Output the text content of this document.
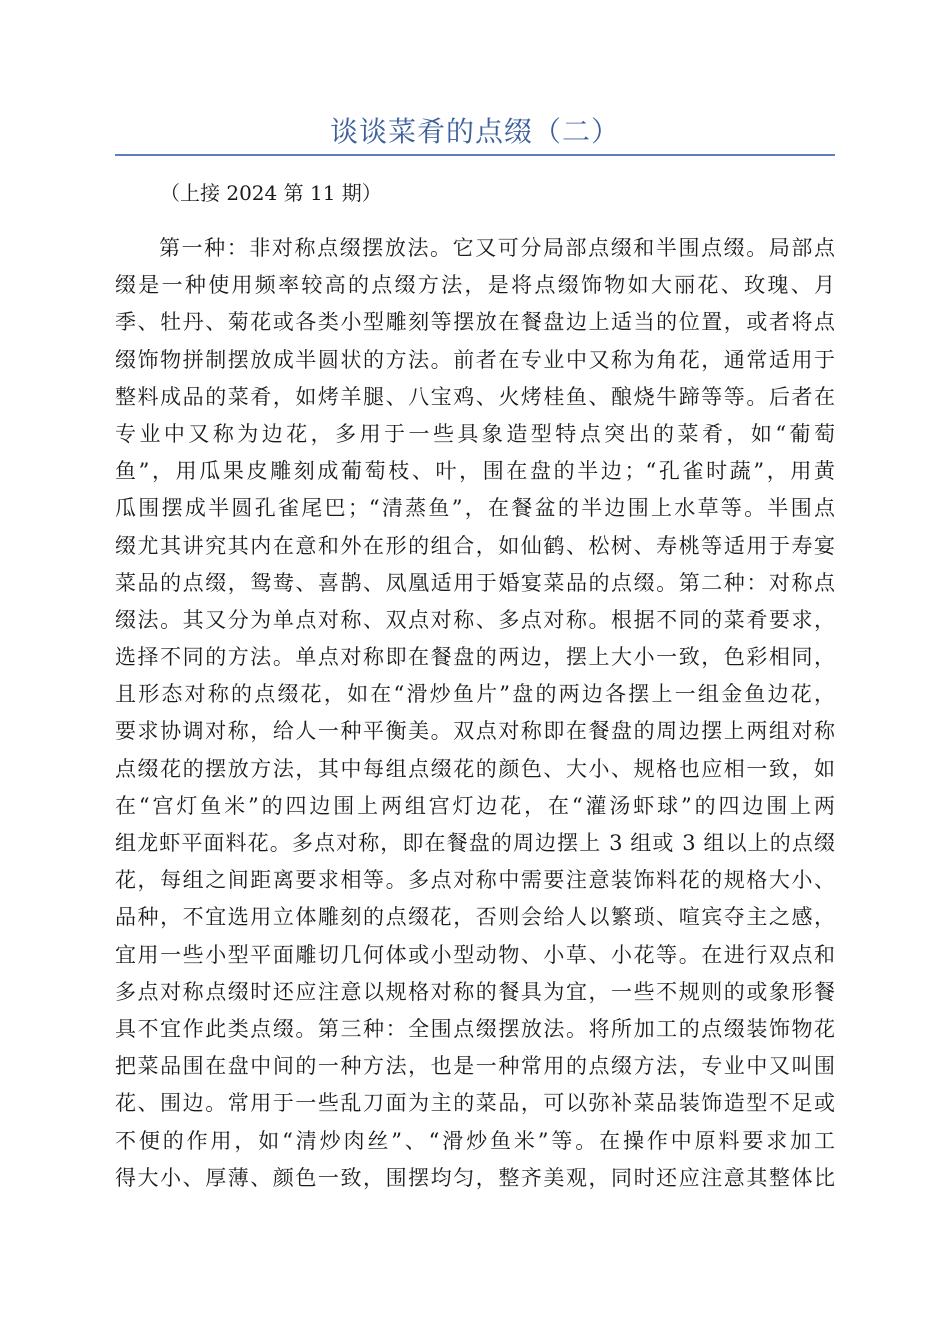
谈谈菜肴的点缀（二）
（上接 2024 第 11 期）
第一种：非对称点缀摆放法。它又可分局部点缀和半围点缀。局部点
缀是一种使用频率较高的点缀方法，是将点缀饰物如大丽花、玫瑰、月
季、牡丹、菊花或各类小型雕刻等摆放在餐盘边上适当的位置，或者将点
缀饰物拼制摆放成半圆状的方法。前者在专业中又称为角花，通常适用于
整料成品的菜肴，如烤羊腿、八宝鸡、火烤桂鱼、酿烧牛蹄等等。后者在
专业中又称为边花，多用于一些具象造型特点突出的菜肴，如“葡萄
鱼”，用瓜果皮雕刻成葡萄枝、叶，围在盘的半边；“孔雀时蔬”，用黄
瓜围摆成半圆孔雀尾巴；“清蒸鱼”，在餐盆的半边围上水草等。半围点
缀尤其讲究其内在意和外在形的组合，如仙鹤、松树、寿桃等适用于寿宴
菜品的点缀，鸳鸯、喜鹊、凤凰适用于婚宴菜品的点缀。第二种：对称点
缀法。其又分为单点对称、双点对称、多点对称。根据不同的菜肴要求，
选择不同的方法。单点对称即在餐盘的两边，摆上大小一致，色彩相同，
且形态对称的点缀花，如在“滑炒鱼片”盘的两边各摆上一组金鱼边花，
要求协调对称，给人一种平衡美。双点对称即在餐盘的周边摆上两组对称
点缀花的摆放方法，其中每组点缀花的颜色、大小、规格也应相一致，如
在“宫灯鱼米”的四边围上两组宫灯边花，在“灌汤虾球”的四边围上两
组龙虾平面料花。多点对称，即在餐盘的周边摆上 3 组或 3 组以上的点缀
花，每组之间距离要求相等。多点对称中需要注意装饰料花的规格大小、
品种，不宜选用立体雕刻的点缀花，否则会给人以繁琐、喧宾夺主之感，
宜用一些小型平面雕切几何体或小型动物、小草、小花等。在进行双点和
多点对称点缀时还应注意以规格对称的餐具为宜，一些不规则的或象形餐
具不宜作此类点缀。第三种：全围点缀摆放法。将所加工的点缀装饰物花
把菜品围在盘中间的一种方法，也是一种常用的点缀方法，专业中又叫围
花、围边。常用于一些乱刀面为主的菜品，可以弥补菜品装饰造型不足或
不便的作用，如“清炒肉丝”、“滑炒鱼米”等。在操作中原料要求加工
得大小、厚薄、颜色一致，围摆均匀，整齐美观，同时还应注意其整体比
